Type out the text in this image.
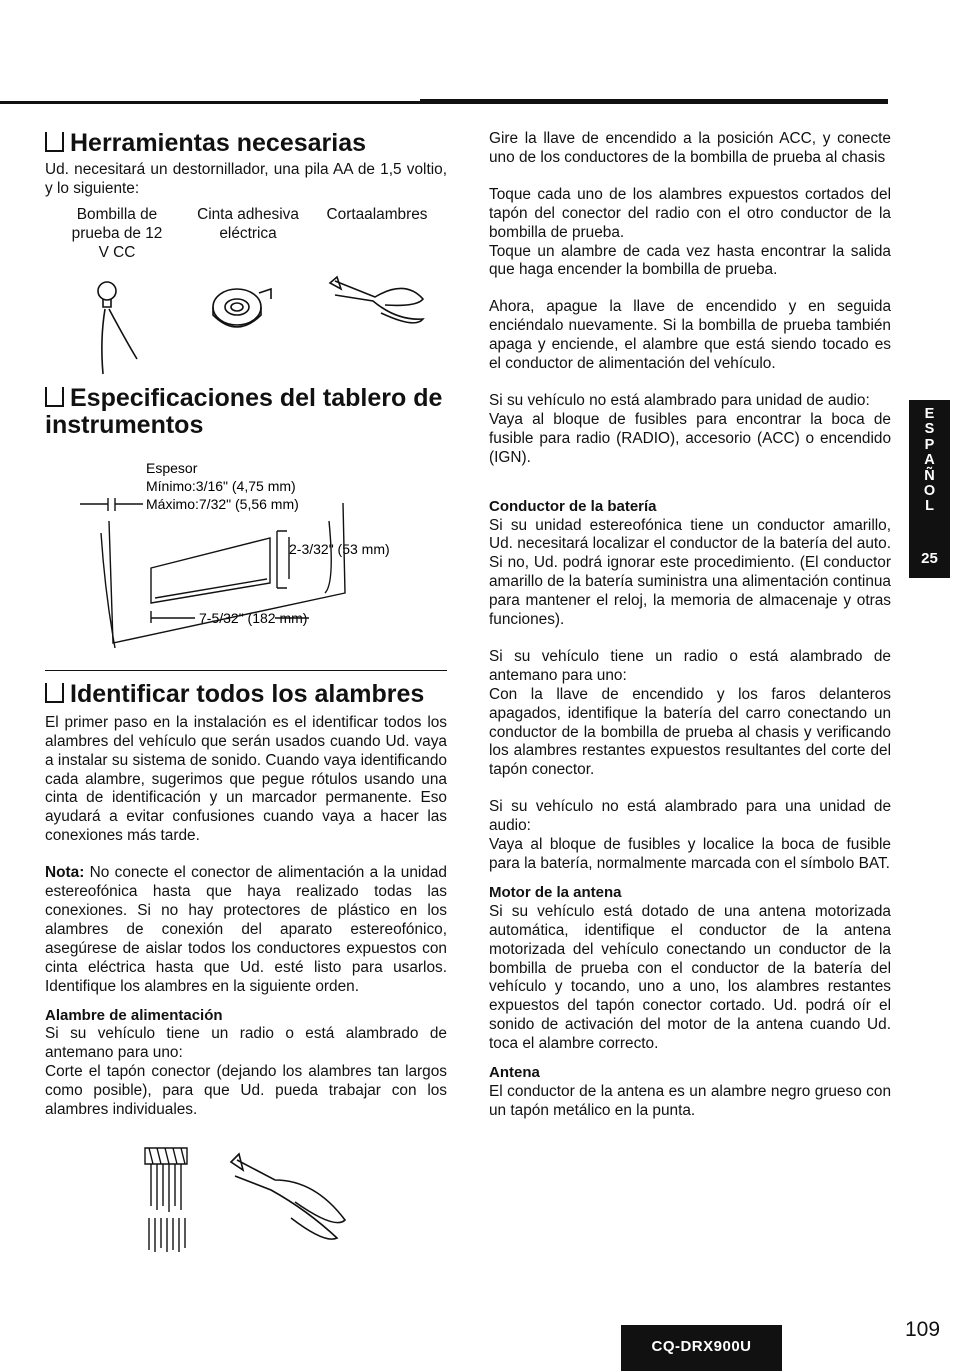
Herramientas necesarias

Ud. necesitará un destornillador, una pila AA de 1,5 voltio, y lo siguiente:

Bombilla de prueba de 12 V CC
Cinta adhesiva eléctrica
Cortaalambres
Especificaciones del tablero de instrumentos
Espesor
Mínimo:3/16" (4,75 mm)
Máximo:7/32" (5,56 mm)
2-3/32" (53 mm)
7-5/32" (182 mm)
Identificar todos los alambres

El primer paso en la instalación es el identificar todos los alambres del vehículo que serán usados cuando Ud. vaya a instalar su sistema de sonido. Cuando vaya identificando cada alambre, sugerimos que pegue rótulos usando una cinta de identificación y un marcador permanente. Eso ayudará a evitar confusiones cuando vaya a hacer las conexiones más tarde.

Nota: No conecte el conector de alimentación a la unidad estereofónica hasta que haya realizado todas las conexiones. Si no hay protectores de plástico en los alambres de conexión del aparato estereofónico, asegúrese de aislar todos los conductores expuestos con cinta eléctrica hasta que Ud. esté listo para usarlos. Identifique los alambres en la siguiente orden.

Alambre de alimentación

Si su vehículo tiene un radio o está alambrado de antemano para uno:

Corte el tapón conector (dejando los alambres tan largos como posible), para que Ud. pueda trabajar con los alambres individuales.

Gire la llave de encendido a la posición ACC, y conecte uno de los conductores de la bombilla de prueba al chasis

Toque cada uno de los alambres expuestos cortados del tapón del conector del radio con el otro conductor de la bombilla de prueba.

Toque un alambre de cada vez hasta encontrar la salida que haga encender la bombilla de prueba.

Ahora, apague la llave de encendido y en seguida enciéndalo nuevamente. Si la bombilla de prueba también apaga y enciende, el alambre que está siendo tocado es el conductor de alimentación del vehículo.

Si su vehículo no está alambrado para unidad de audio:

Vaya al bloque de fusibles para encontrar la boca de fusible para radio (RADIO), accesorio (ACC) o encendido (IGN).

Conductor de la batería

Si su unidad estereofónica tiene un conductor amarillo, Ud. necesitará localizar el conductor de la batería del auto. Si no, Ud. podrá ignorar este procedimiento. (El conductor amarillo de la batería suministra una alimentación continua para mantener el reloj, la memoria de almacenaje y otras funciones).

Si su vehículo tiene un radio o está alambrado de antemano para uno:

Con la llave de encendido y los faros delanteros apagados, identifique la batería del carro conectando un conductor de la bombilla de prueba al chasis y verificando los alambres restantes expuestos resultantes del corte del tapón conector.

Si su vehículo no está alambrado para una unidad de audio:

Vaya al bloque de fusibles y localice la boca de fusible para la batería, normalmente marcada con el símbolo BAT.

Motor de la antena

Si su vehículo está dotado de una antena motorizada automática, identifique el conductor de la antena motorizada del vehículo conectando un conductor de la bombilla de prueba con el conductor de la batería del vehículo y tocando, uno a uno, los alambres restantes expuestos del tapón conector cortado. Ud. podrá oír el sonido de activación del motor de la antena cuando Ud. toca el alambre correcto.

Antena

El conductor de la antena es un alambre negro grueso con un tapón metálico en la punta.

E
S
P
A
Ñ
O
L
25
CQ-DRX900U
109
